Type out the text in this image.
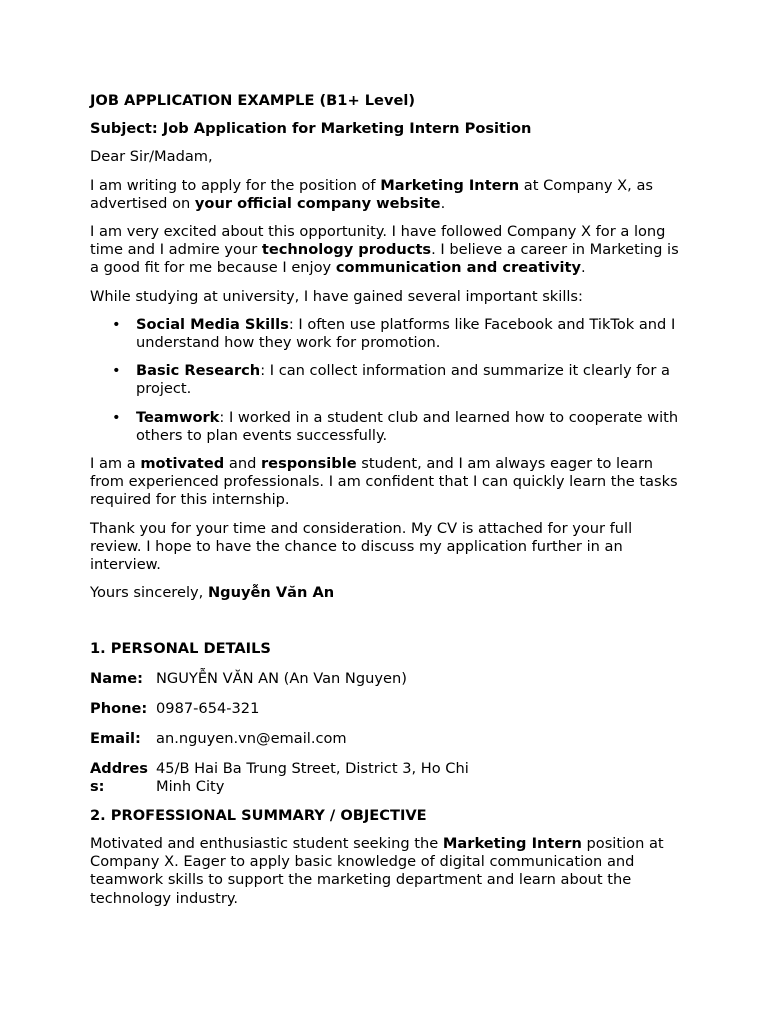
JOB APPLICATION EXAMPLE (B1+ Level)

Subject: Job Application for Marketing Intern Position

Dear Sir/Madam,

I am writing to apply for the position of Marketing Intern at Company X, as advertised on your official company website.

I am very excited about this opportunity. I have followed Company X for a long time and I admire your technology products. I believe a career in Marketing is a good fit for me because I enjoy communication and creativity.

While studying at university, I have gained several important skills:

• Social Media Skills: I often use platforms like Facebook and TikTok and I understand how they work for promotion.
• Basic Research: I can collect information and summarize it clearly for a project.
• Teamwork: I worked in a student club and learned how to cooperate with others to plan events successfully.

I am a motivated and responsible student, and I am always eager to learn from experienced professionals. I am confident that I can quickly learn the tasks required for this internship.

Thank you for your time and consideration. My CV is attached for your full review. I hope to have the chance to discuss my application further in an interview.

Yours sincerely, Nguyễn Văn An

1. PERSONAL DETAILS

Name: NGUYỄN VĂN AN (An Van Nguyen)
Phone: 0987-654-321
Email:	an.nguyen.vn@email.com
Address:
45/B Hai Ba Trung Street, District 3, Ho Chi Minh City

2. PROFESSIONAL SUMMARY / OBJECTIVE

Motivated and enthusiastic student seeking the Marketing Intern position at Company X. Eager to apply basic knowledge of digital communication and teamwork skills to support the marketing department and learn about the technology industry.
